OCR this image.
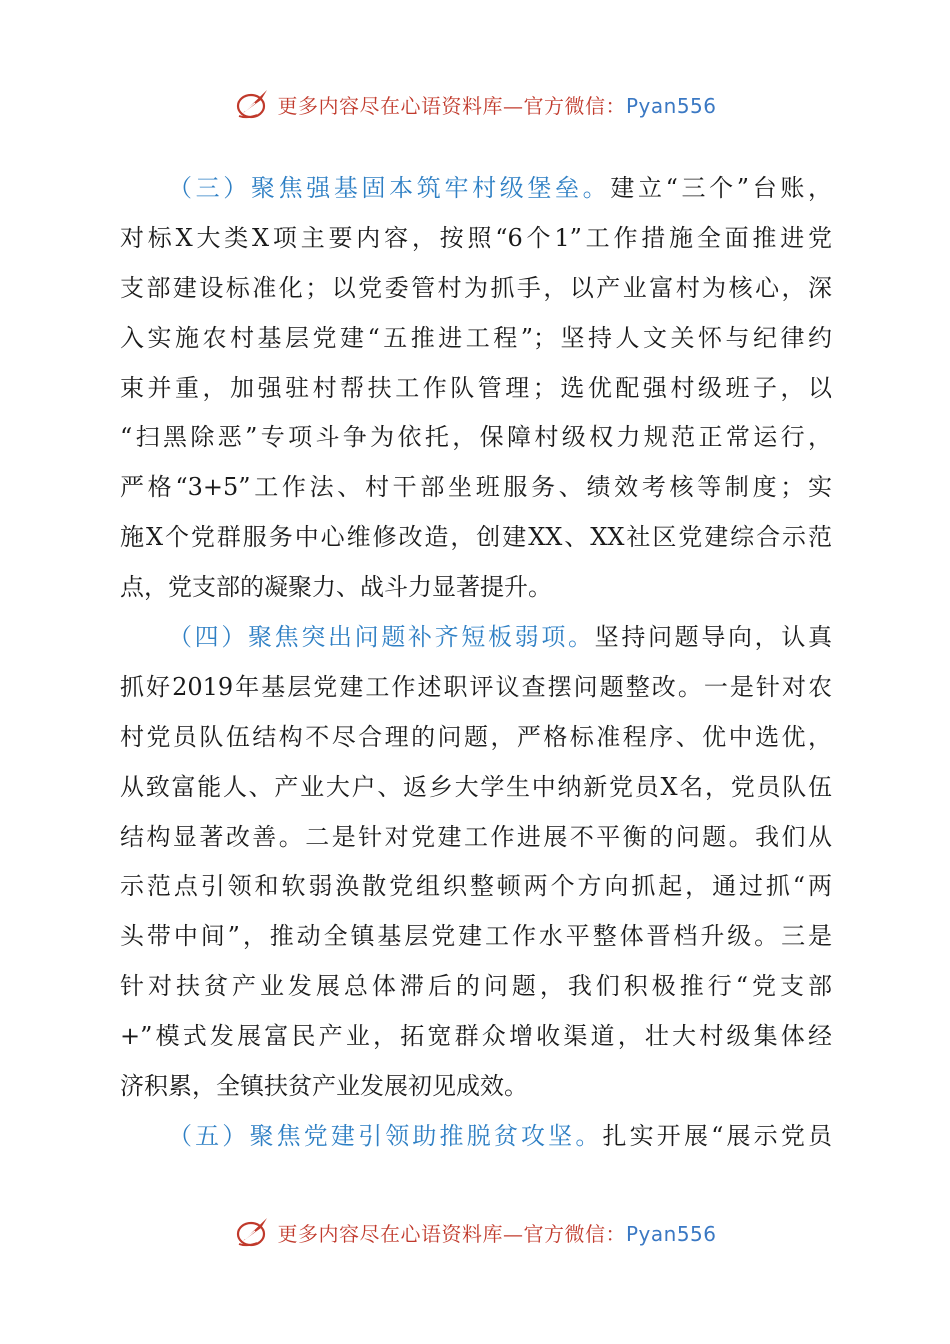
更多内容尽在心语资料库—官方微信：Pyan556
（三）聚焦强基固本筑牢村级堡垒。建立“三个”台账，
对标X大类X项主要内容，按照“6个1”工作措施全面推进党
支部建设标准化；以党委管村为抓手，以产业富村为核心，深
入实施农村基层党建“五推进工程”；坚持人文关怀与纪律约
束并重，加强驻村帮扶工作队管理；选优配强村级班子，以
“扫黑除恶”专项斗争为依托，保障村级权力规范正常运行，
严格“3+5”工作法、村干部坐班服务、绩效考核等制度；实
施X个党群服务中心维修改造，创建XX、XX社区党建综合示范
点，党支部的凝聚力、战斗力显著提升。
（四）聚焦突出问题补齐短板弱项。坚持问题导向，认真
抓好2019年基层党建工作述职评议查摆问题整改。一是针对农
村党员队伍结构不尽合理的问题，严格标准程序、优中选优，
从致富能人、产业大户、返乡大学生中纳新党员X名，党员队伍
结构显著改善。二是针对党建工作进展不平衡的问题。我们从
示范点引领和软弱涣散党组织整顿两个方向抓起，通过抓“两
头带中间”，推动全镇基层党建工作水平整体晋档升级。三是
针对扶贫产业发展总体滞后的问题，我们积极推行“党支部
+”模式发展富民产业，拓宽群众增收渠道，壮大村级集体经
济积累，全镇扶贫产业发展初见成效。
（五）聚焦党建引领助推脱贫攻坚。扎实开展“展示党员
更多内容尽在心语资料库—官方微信：Pyan556
